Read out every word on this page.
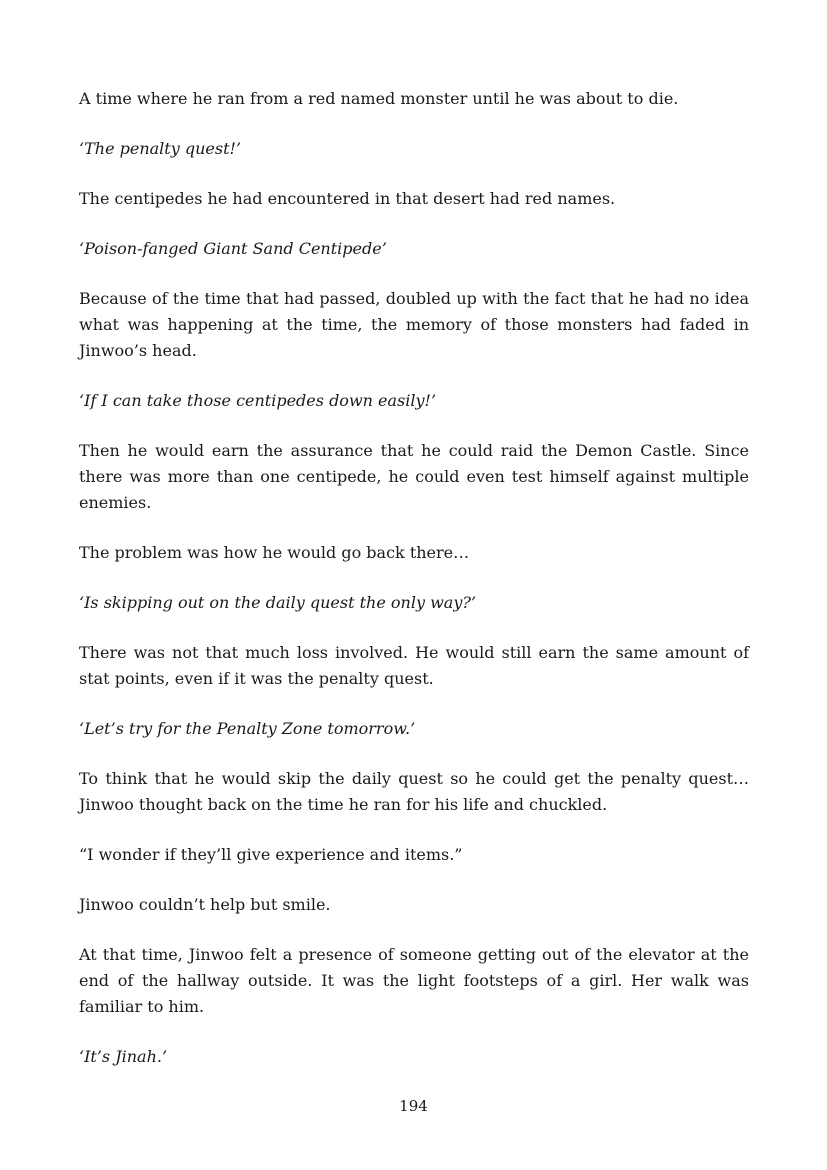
A time where he ran from a red named monster until he was about to die.

‘The penalty quest!’

The centipedes he had encountered in that desert had red names.

‘Poison-fanged Giant Sand Centipede’

Because of the time that had passed, doubled up with the fact that he had no idea what was happening at the time, the memory of those monsters had faded in Jinwoo’s head.

‘If I can take those centipedes down easily!’

Then he would earn the assurance that he could raid the Demon Castle. Since there was more than one centipede, he could even test himself against multiple enemies.

The problem was how he would go back there…

‘Is skipping out on the daily quest the only way?’

There was not that much loss involved. He would still earn the same amount of stat points, even if it was the penalty quest.

‘Let’s try for the Penalty Zone tomorrow.’

To think that he would skip the daily quest so he could get the penalty quest… Jinwoo thought back on the time he ran for his life and chuckled.

“I wonder if they’ll give experience and items.”

Jinwoo couldn’t help but smile.

At that time, Jinwoo felt a presence of someone getting out of the elevator at the end of the hallway outside. It was the light footsteps of a girl. Her walk was familiar to him.

‘It’s Jinah.’

194
